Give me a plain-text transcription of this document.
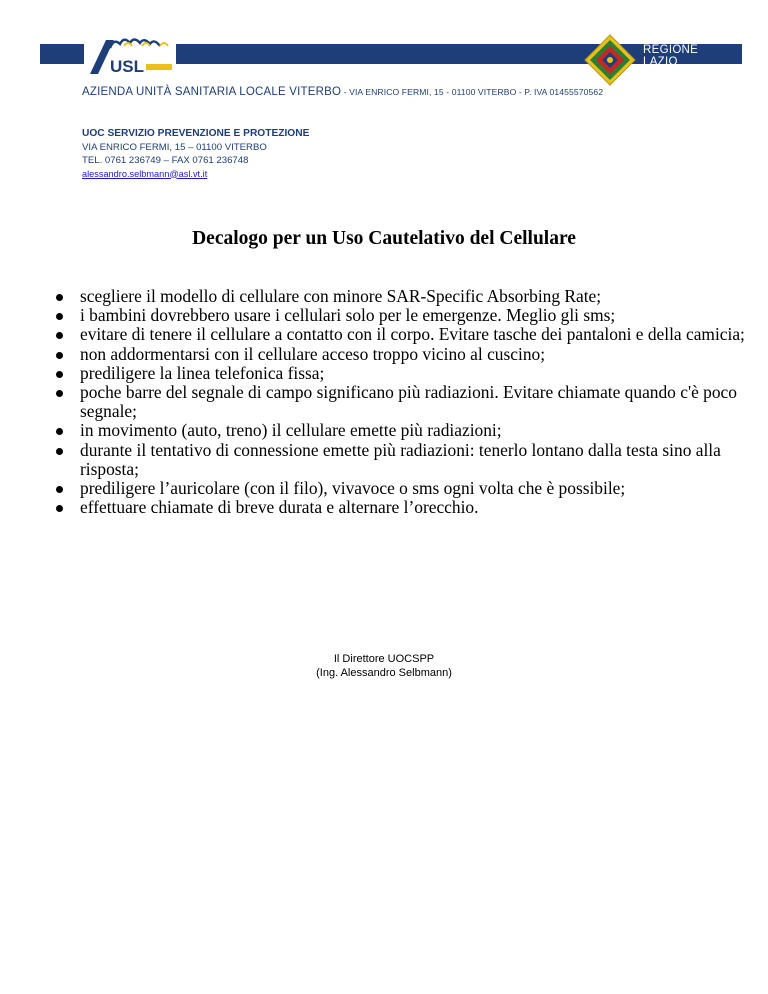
USL
REGIONE
LAZIO
AZIENDA UNITÀ SANITARIA LOCALE VITERBO - VIA ENRICO FERMI, 15 - 01100 VITERBO - P. IVA 01455570562
UOC SERVIZIO PREVENZIONE E PROTEZIONE
VIA ENRICO FERMI, 15 – 01100 VITERBO
TEL. 0761 236749 – FAX 0761 236748
alessandro.selbmann@asl.vt.it
Decalogo per un Uso Cautelativo del Cellulare
scegliere il modello di cellulare con minore SAR-Specific Absorbing Rate;
i bambini dovrebbero usare i cellulari solo per le emergenze. Meglio gli sms;
evitare di tenere il cellulare a contatto con il corpo. Evitare tasche dei pantaloni e della camicia;
non addormentarsi con il cellulare acceso troppo vicino al cuscino;
prediligere la linea telefonica fissa;
poche barre del segnale di campo significano più radiazioni. Evitare chiamate quando c'è poco segnale;
in movimento (auto, treno) il cellulare emette più radiazioni;
durante il tentativo di connessione emette più radiazioni: tenerlo lontano dalla testa sino alla risposta;
prediligere l’auricolare (con il filo), vivavoce o sms ogni volta che è possibile;
effettuare chiamate di breve durata e alternare l’orecchio.
Il Direttore UOCSPP
(Ing. Alessandro Selbmann)
